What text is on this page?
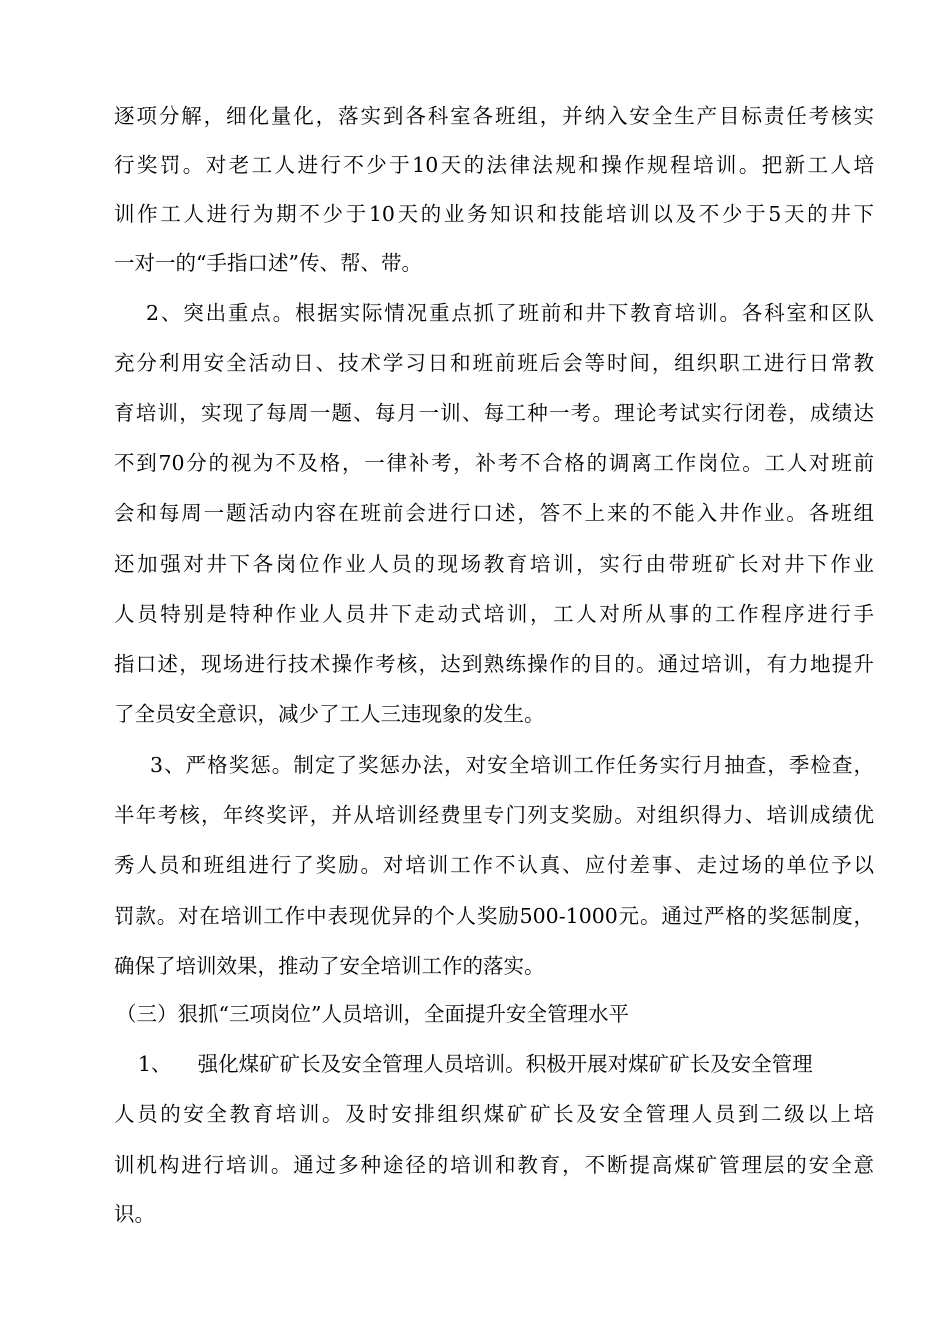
逐项分解，细化量化，落实到各科室各班组，并纳入安全生产目标责任考核实
行奖罚。对老工人进行不少于10天的法律法规和操作规程培训。把新工人培
训作工人进行为期不少于10天的业务知识和技能培训以及不少于5天的井下
一对一的“手指口述”传、帮、带。
2、突出重点。根据实际情况重点抓了班前和井下教育培训。各科室和区队
充分利用安全活动日、技术学习日和班前班后会等时间，组织职工进行日常教
育培训，实现了每周一题、每月一训、每工种一考。理论考试实行闭卷，成绩达
不到70分的视为不及格，一律补考，补考不合格的调离工作岗位。工人对班前
会和每周一题活动内容在班前会进行口述，答不上来的不能入井作业。各班组
还加强对井下各岗位作业人员的现场教育培训，实行由带班矿长对井下作业
人员特别是特种作业人员井下走动式培训，工人对所从事的工作程序进行手
指口述，现场进行技术操作考核，达到熟练操作的目的。通过培训，有力地提升
了全员安全意识，减少了工人三违现象的发生。
3、严格奖惩。制定了奖惩办法，对安全培训工作任务实行月抽查，季检查，
半年考核，年终奖评，并从培训经费里专门列支奖励。对组织得力、培训成绩优
秀人员和班组进行了奖励。对培训工作不认真、应付差事、走过场的单位予以
罚款。对在培训工作中表现优异的个人奖励500-1000元。通过严格的奖惩制度，
确保了培训效果，推动了安全培训工作的落实。
（三）狠抓“三项岗位”人员培训，全面提升安全管理水平
1、    强化煤矿矿长及安全管理人员培训。积极开展对煤矿矿长及安全管理
人员的安全教育培训。及时安排组织煤矿矿长及安全管理人员到二级以上培
训机构进行培训。通过多种途径的培训和教育，不断提高煤矿管理层的安全意
识。
